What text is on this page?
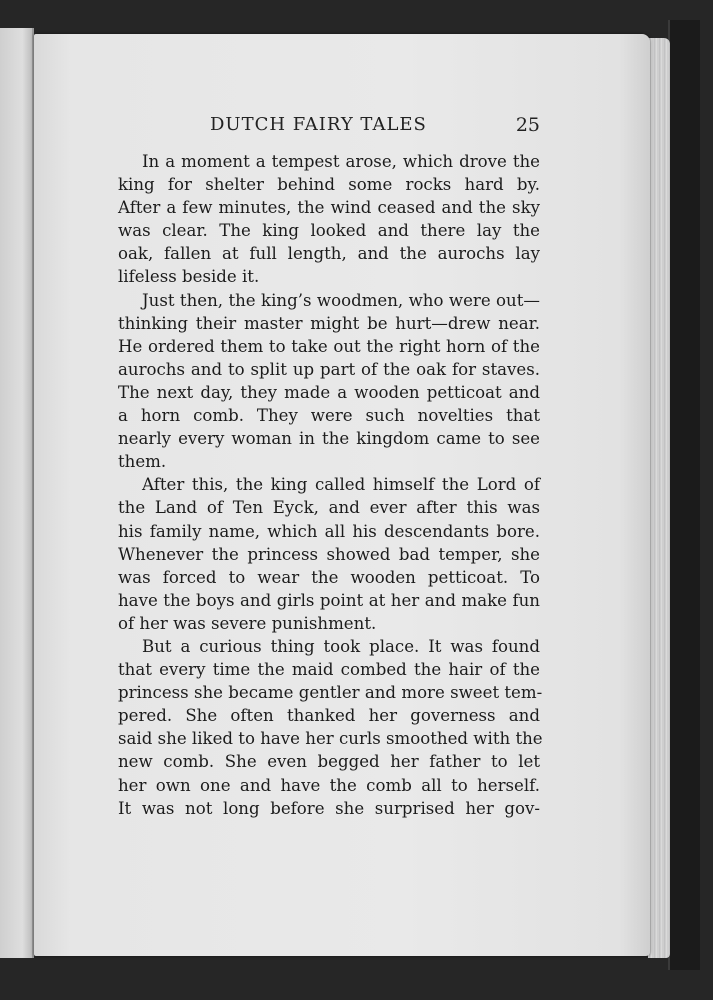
DUTCH FAIRY TALES	25
In a moment a tempest arose, which drove the
king for shelter behind some rocks hard by.
After a few minutes, the wind ceased and the sky
was clear. The king looked and there lay the
oak, fallen at full length, and the aurochs lay
lifeless beside it.
Just then, the king’s woodmen, who were out—
thinking their master might be hurt—drew near.
He ordered them to take out the right horn of the
aurochs and to split up part of the oak for staves.
The next day, they made a wooden petticoat and
a horn comb. They were such novelties that
nearly every woman in the kingdom came to see
them.
After this, the king called himself the Lord of
the Land of Ten Eyck, and ever after this was
his family name, which all his descendants bore.
Whenever the princess showed bad temper, she
was forced to wear the wooden petticoat. To
have the boys and girls point at her and make fun
of her was severe punishment.
But a curious thing took place. It was found
that every time the maid combed the hair of the
princess she became gentler and more sweet tem-
pered. She often thanked her governess and
said she liked to have her curls smoothed with the
new comb. She even begged her father to let
her own one and have the comb all to herself.
It was not long before she surprised her gov-
